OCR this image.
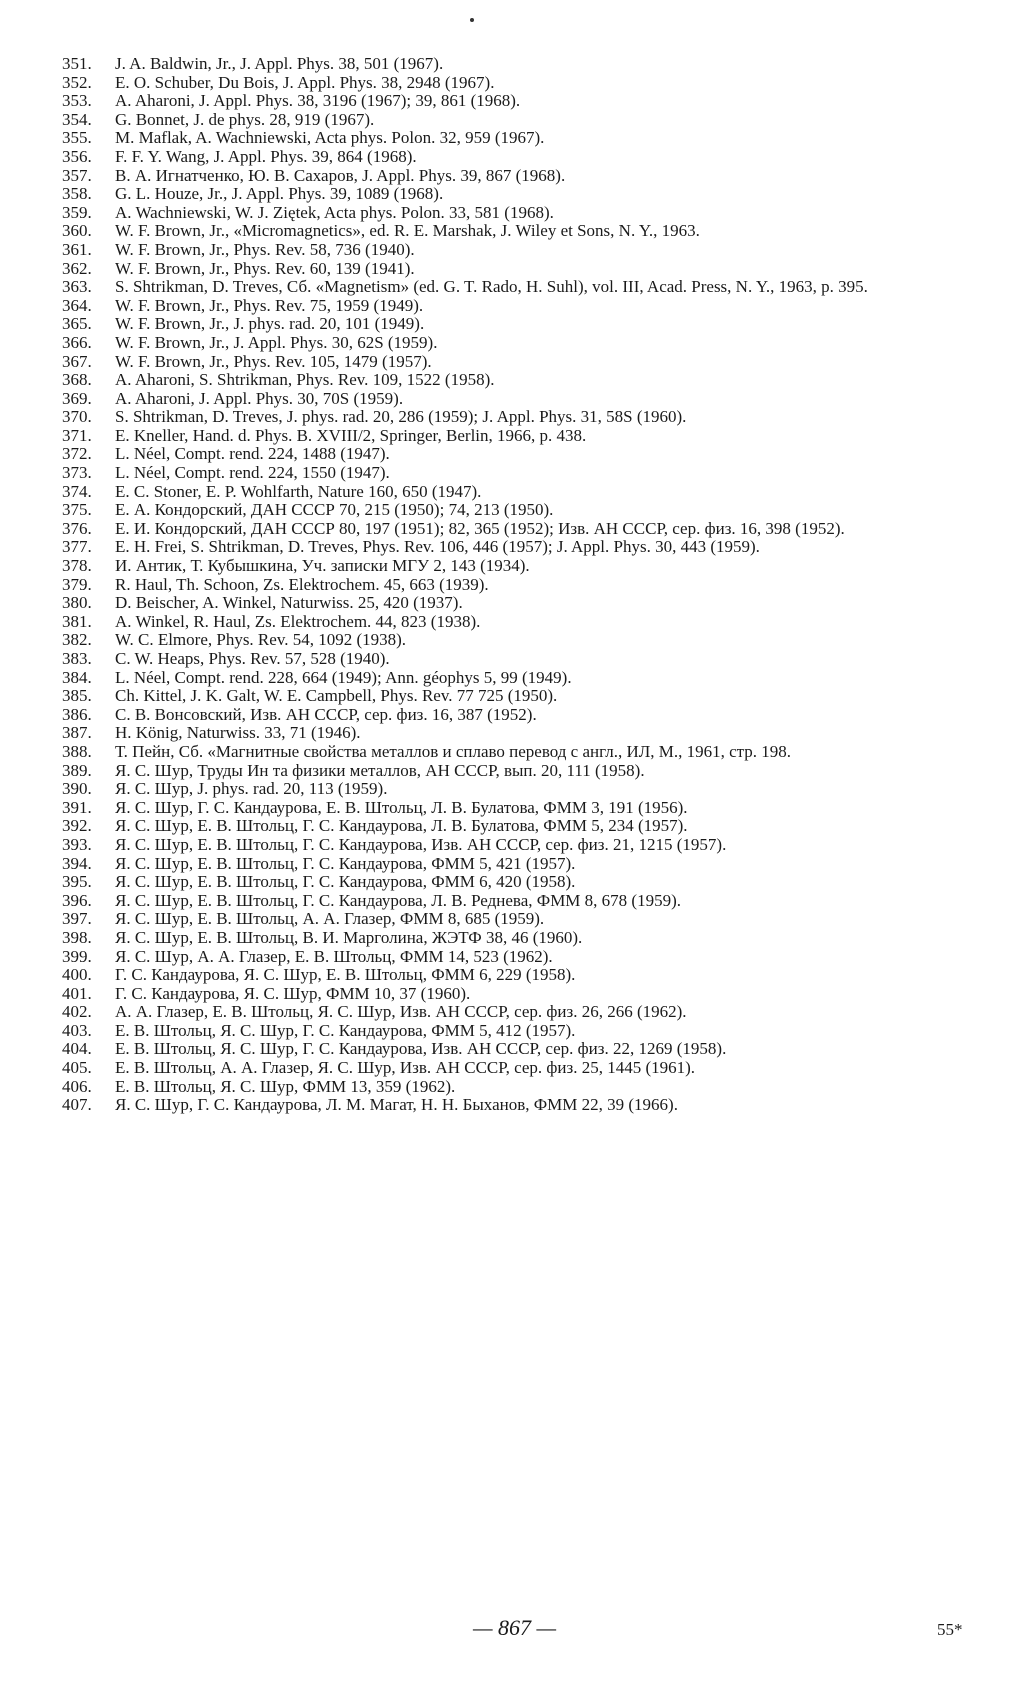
351.	J. A. Baldwin, Jr., J. Appl. Phys. 38, 501 (1967).
352.	E. O. Schuber, Du Bois, J. Appl. Phys. 38, 2948 (1967).
353.	A. Aharoni, J. Appl. Phys. 38, 3196 (1967); 39, 861 (1968).
354.	G. Bonnet, J. de phys. 28, 919 (1967).
355.	M. Maflak, A. Wachniewski, Acta phys. Polon. 32, 959 (1967).
356.	F. F. Y. Wang, J. Appl. Phys. 39, 864 (1968).
357.	В. А. Игнатченко, Ю. В. Сахаров, J. Appl. Phys. 39, 867 (1968).
358.	G. L. Houze, Jr., J. Appl. Phys. 39, 1089 (1968).
359.	A. Wachniewski, W. J. Ziętek, Acta phys. Polon. 33, 581 (1968).
360.	W. F. Brown, Jr., «Micromagnetics», ed. R. E. Marshak, J. Wiley et Sons, N. Y., 1963.
361.	W. F. Brown, Jr., Phys. Rev. 58, 736 (1940).
362.	W. F. Brown, Jr., Phys. Rev. 60, 139 (1941).
363.	S. Shtrikman, D. Treves, Сб. «Magnetism» (ed. G. T. Rado, H. Suhl), vol. III, Acad. Press, N. Y., 1963, p. 395.
364.	W. F. Brown, Jr., Phys. Rev. 75, 1959 (1949).
365.	W. F. Brown, Jr., J. phys. rad. 20, 101 (1949).
366.	W. F. Brown, Jr., J. Appl. Phys. 30, 62S (1959).
367.	W. F. Brown, Jr., Phys. Rev. 105, 1479 (1957).
368.	A. Aharoni, S. Shtrikman, Phys. Rev. 109, 1522 (1958).
369.	A. Aharoni, J. Appl. Phys. 30, 70S (1959).
370.	S. Shtrikman, D. Treves, J. phys. rad. 20, 286 (1959); J. Appl. Phys. 31, 58S (1960).
371.	E. Kneller, Hand. d. Phys. B. XVIII/2, Springer, Berlin, 1966, p. 438.
372.	L. Néel, Compt. rend. 224, 1488 (1947).
373.	L. Néel, Compt. rend. 224, 1550 (1947).
374.	E. C. Stoner, E. P. Wohlfarth, Nature 160, 650 (1947).
375.	Е. А. Кондорский, ДАН СССР 70, 215 (1950); 74, 213 (1950).
376.	Е. И. Кондорский, ДАН СССР 80, 197 (1951); 82, 365 (1952); Изв. АН СССР, сер. физ. 16, 398 (1952).
377.	E. H. Frei, S. Shtrikman, D. Treves, Phys. Rev. 106, 446 (1957); J. Appl. Phys. 30, 443 (1959).
378.	И. Антик, Т. Кубышкина, Уч. записки МГУ 2, 143 (1934).
379.	R. Haul, Th. Schoon, Zs. Elektrochem. 45, 663 (1939).
380.	D. Beischer, A. Winkel, Naturwiss. 25, 420 (1937).
381.	A. Winkel, R. Haul, Zs. Elektrochem. 44, 823 (1938).
382.	W. C. Elmore, Phys. Rev. 54, 1092 (1938).
383.	C. W. Heaps, Phys. Rev. 57, 528 (1940).
384.	L. Néel, Compt. rend. 228, 664 (1949); Ann. géophys 5, 99 (1949).
385.	Ch. Kittel, J. K. Galt, W. E. Campbell, Phys. Rev. 77 725 (1950).
386.	С. В. Вонсовский, Изв. АН СССР, сер. физ. 16, 387 (1952).
387.	H. König, Naturwiss. 33, 71 (1946).
388.	Т. Пейн, Сб. «Магнитные свойства металлов и сплаво перевод с англ., ИЛ, М., 1961, стр. 198.
389.	Я. С. Шур, Труды Ин та физики металлов, АН СССР, вып. 20, 111 (1958).
390.	Я. С. Шур, J. phys. rad. 20, 113 (1959).
391.	Я. С. Шур, Г. С. Кандаурова, Е. В. Штольц, Л. В. Булатова, ФММ 3, 191 (1956).
392.	Я. С. Шур, Е. В. Штольц, Г. С. Кандаурова, Л. В. Булатова, ФММ 5, 234 (1957).
393.	Я. С. Шур, Е. В. Штольц, Г. С. Кандаурова, Изв. АН СССР, сер. физ. 21, 1215 (1957).
394.	Я. С. Шур, Е. В. Штольц, Г. С. Кандаурова, ФММ 5, 421 (1957).
395.	Я. С. Шур, Е. В. Штольц, Г. С. Кандаурова, ФММ 6, 420 (1958).
396.	Я. С. Шур, Е. В. Штольц, Г. С. Кандаурова, Л. В. Реднева, ФММ 8, 678 (1959).
397.	Я. С. Шур, Е. В. Штольц, А. А. Глазер, ФММ 8, 685 (1959).
398.	Я. С. Шур, Е. В. Штольц, В. И. Марголина, ЖЭТФ 38, 46 (1960).
399.	Я. С. Шур, А. А. Глазер, Е. В. Штольц, ФММ 14, 523 (1962).
400.	Г. С. Кандаурова, Я. С. Шур, Е. В. Штольц, ФММ 6, 229 (1958).
401.	Г. С. Кандаурова, Я. С. Шур, ФММ 10, 37 (1960).
402.	А. А. Глазер, Е. В. Штольц, Я. С. Шур, Изв. АН СССР, сер. физ. 26, 266 (1962).
403.	Е. В. Штольц, Я. С. Шур, Г. С. Кандаурова, ФММ 5, 412 (1957).
404.	Е. В. Штольц, Я. С. Шур, Г. С. Кандаурова, Изв. АН СССР, сер. физ. 22, 1269 (1958).
405.	Е. В. Штольц, А. А. Глазер, Я. С. Шур, Изв. АН СССР, сер. физ. 25, 1445 (1961).
406.	Е. В. Штольц, Я. С. Шур, ФММ 13, 359 (1962).
407.	Я. С. Шур, Г. С. Кандаурова, Л. М. Магат, Н. Н. Быханов, ФММ 22, 39 (1966).
— 867 —	55*
